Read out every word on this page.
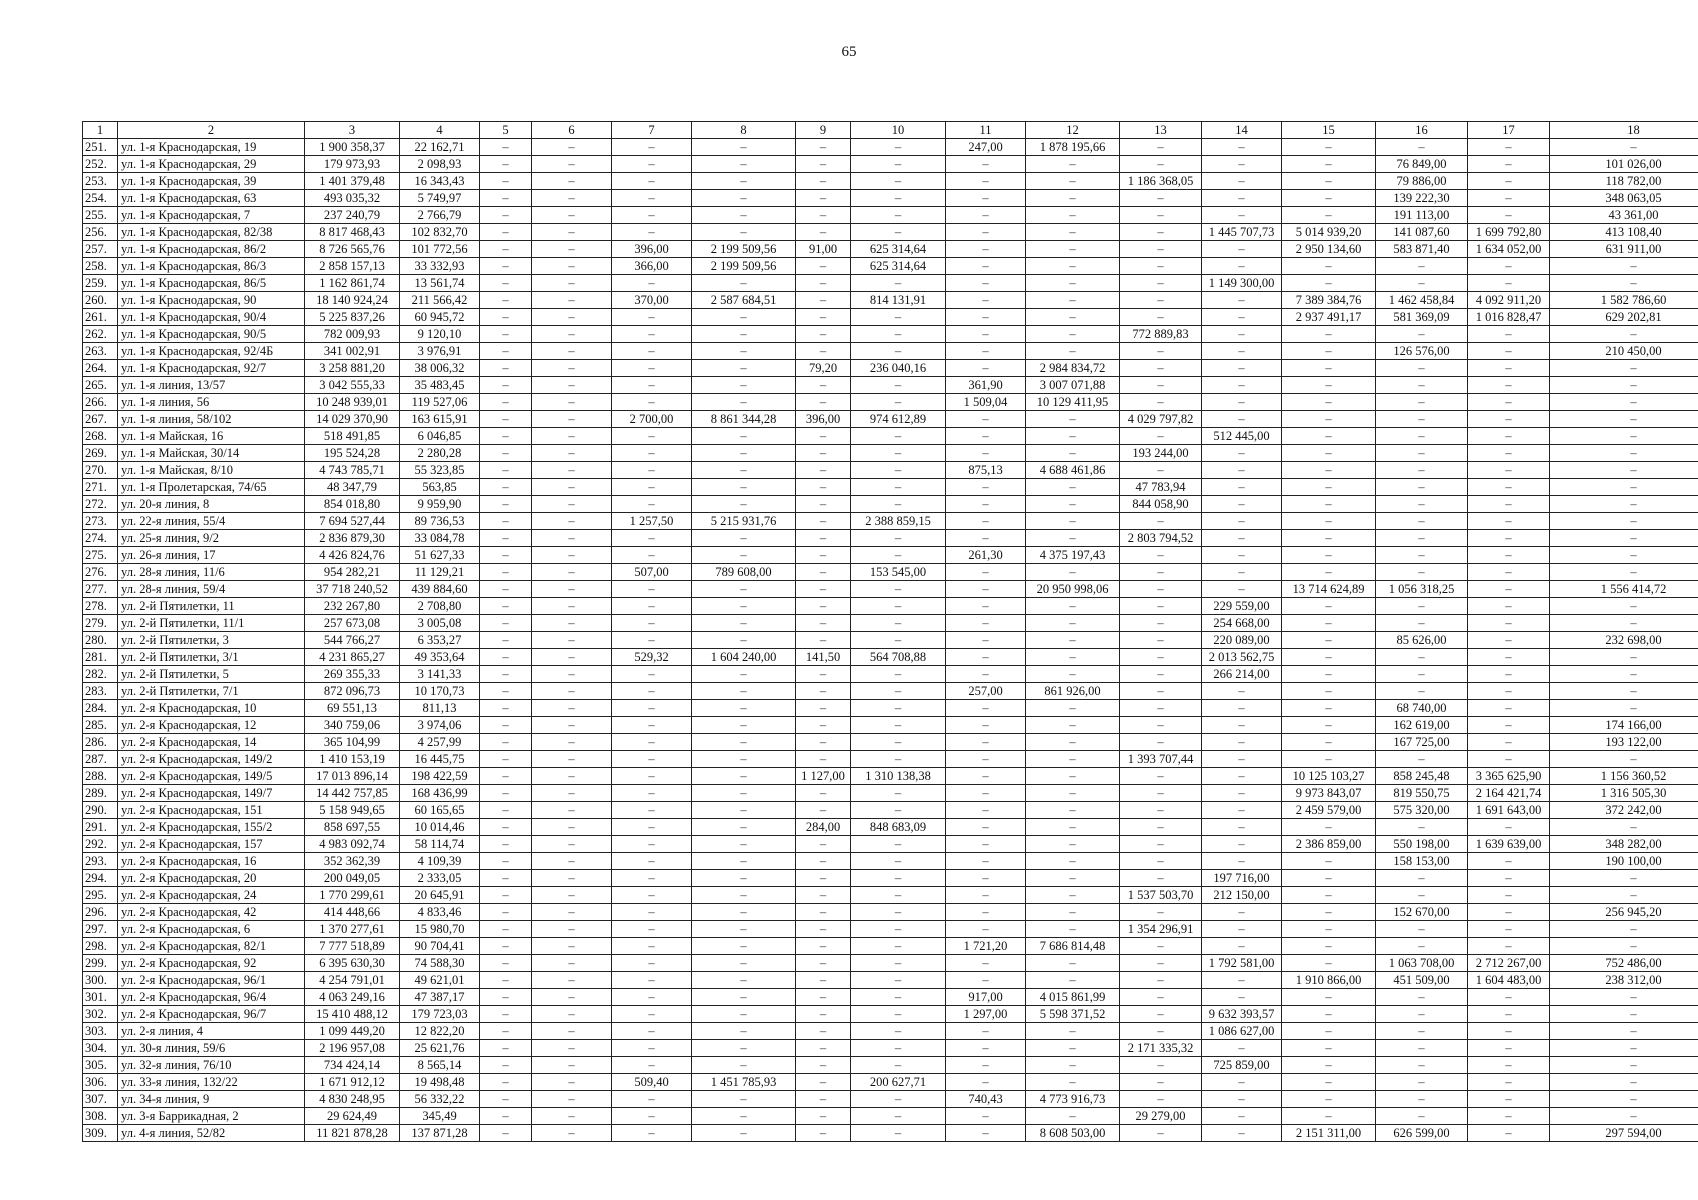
65
1	2	3	4	5	6	7	8	9	10	11	12	13	14	15	16	17	18
251.	ул. 1-я Краснодарская, 19	1 900 358,37	22 162,71	–	–	–	–	–	–	247,00	1 878 195,66	–	–	–	–	–	–
252.	ул. 1-я Краснодарская, 29	179 973,93	2 098,93	–	–	–	–	–	–	–	–	–	–	–	76 849,00	–	101 026,00
253.	ул. 1-я Краснодарская, 39	1 401 379,48	16 343,43	–	–	–	–	–	–	–	–	1 186 368,05	–	–	79 886,00	–	118 782,00
254.	ул. 1-я Краснодарская, 63	493 035,32	5 749,97	–	–	–	–	–	–	–	–	–	–	–	139 222,30	–	348 063,05
255.	ул. 1-я Краснодарская, 7	237 240,79	2 766,79	–	–	–	–	–	–	–	–	–	–	–	191 113,00	–	43 361,00
256.	ул. 1-я Краснодарская, 82/38	8 817 468,43	102 832,70	–	–	–	–	–	–	–	–	–	1 445 707,73	5 014 939,20	141 087,60	1 699 792,80	413 108,40
257.	ул. 1-я Краснодарская, 86/2	8 726 565,76	101 772,56	–	–	396,00	2 199 509,56	91,00	625 314,64	–	–	–	–	2 950 134,60	583 871,40	1 634 052,00	631 911,00
258.	ул. 1-я Краснодарская, 86/3	2 858 157,13	33 332,93	–	–	366,00	2 199 509,56	–	625 314,64	–	–	–	–	–	–	–	–
259.	ул. 1-я Краснодарская, 86/5	1 162 861,74	13 561,74	–	–	–	–	–	–	–	–	–	1 149 300,00	–	–	–	–
260.	ул. 1-я Краснодарская, 90	18 140 924,24	211 566,42	–	–	370,00	2 587 684,51	–	814 131,91	–	–	–	–	7 389 384,76	1 462 458,84	4 092 911,20	1 582 786,60
261.	ул. 1-я Краснодарская, 90/4	5 225 837,26	60 945,72	–	–	–	–	–	–	–	–	–	–	2 937 491,17	581 369,09	1 016 828,47	629 202,81
262.	ул. 1-я Краснодарская, 90/5	782 009,93	9 120,10	–	–	–	–	–	–	–	–	772 889,83	–	–	–	–	–
263.	ул. 1-я Краснодарская, 92/4Б	341 002,91	3 976,91	–	–	–	–	–	–	–	–	–	–	–	126 576,00	–	210 450,00
264.	ул. 1-я Краснодарская, 92/7	3 258 881,20	38 006,32	–	–	–	–	79,20	236 040,16	–	2 984 834,72	–	–	–	–	–	–
265.	ул. 1-я линия, 13/57	3 042 555,33	35 483,45	–	–	–	–	–	–	361,90	3 007 071,88	–	–	–	–	–	–
266.	ул. 1-я линия, 56	10 248 939,01	119 527,06	–	–	–	–	–	–	1 509,04	10 129 411,95	–	–	–	–	–	–
267.	ул. 1-я линия, 58/102	14 029 370,90	163 615,91	–	–	2 700,00	8 861 344,28	396,00	974 612,89	–	–	4 029 797,82	–	–	–	–	–
268.	ул. 1-я Майская, 16	518 491,85	6 046,85	–	–	–	–	–	–	–	–	–	512 445,00	–	–	–	–
269.	ул. 1-я Майская, 30/14	195 524,28	2 280,28	–	–	–	–	–	–	–	–	193 244,00	–	–	–	–	–
270.	ул. 1-я Майская, 8/10	4 743 785,71	55 323,85	–	–	–	–	–	–	875,13	4 688 461,86	–	–	–	–	–	–
271.	ул. 1-я Пролетарская, 74/65	48 347,79	563,85	–	–	–	–	–	–	–	–	47 783,94	–	–	–	–	–
272.	ул. 20-я линия, 8	854 018,80	9 959,90	–	–	–	–	–	–	–	–	844 058,90	–	–	–	–	–
273.	ул. 22-я линия, 55/4	7 694 527,44	89 736,53	–	–	1 257,50	5 215 931,76	–	2 388 859,15	–	–	–	–	–	–	–	–
274.	ул. 25-я линия, 9/2	2 836 879,30	33 084,78	–	–	–	–	–	–	–	–	2 803 794,52	–	–	–	–	–
275.	ул. 26-я линия, 17	4 426 824,76	51 627,33	–	–	–	–	–	–	261,30	4 375 197,43	–	–	–	–	–	–
276.	ул. 28-я линия, 11/6	954 282,21	11 129,21	–	–	507,00	789 608,00	–	153 545,00	–	–	–	–	–	–	–	–
277.	ул. 28-я линия, 59/4	37 718 240,52	439 884,60	–	–	–	–	–	–	–	20 950 998,06	–	–	13 714 624,89	1 056 318,25	–	1 556 414,72
278.	ул. 2-й Пятилетки, 11	232 267,80	2 708,80	–	–	–	–	–	–	–	–	–	229 559,00	–	–	–	–
279.	ул. 2-й Пятилетки, 11/1	257 673,08	3 005,08	–	–	–	–	–	–	–	–	–	254 668,00	–	–	–	–
280.	ул. 2-й Пятилетки, 3	544 766,27	6 353,27	–	–	–	–	–	–	–	–	–	220 089,00	–	85 626,00	–	232 698,00
281.	ул. 2-й Пятилетки, 3/1	4 231 865,27	49 353,64	–	–	529,32	1 604 240,00	141,50	564 708,88	–	–	–	2 013 562,75	–	–	–	–
282.	ул. 2-й Пятилетки, 5	269 355,33	3 141,33	–	–	–	–	–	–	–	–	–	266 214,00	–	–	–	–
283.	ул. 2-й Пятилетки, 7/1	872 096,73	10 170,73	–	–	–	–	–	–	257,00	861 926,00	–	–	–	–	–	–
284.	ул. 2-я Краснодарская, 10	69 551,13	811,13	–	–	–	–	–	–	–	–	–	–	–	68 740,00	–	–
285.	ул. 2-я Краснодарская, 12	340 759,06	3 974,06	–	–	–	–	–	–	–	–	–	–	–	162 619,00	–	174 166,00
286.	ул. 2-я Краснодарская, 14	365 104,99	4 257,99	–	–	–	–	–	–	–	–	–	–	–	167 725,00	–	193 122,00
287.	ул. 2-я Краснодарская, 149/2	1 410 153,19	16 445,75	–	–	–	–	–	–	–	–	1 393 707,44	–	–	–	–	–
288.	ул. 2-я Краснодарская, 149/5	17 013 896,14	198 422,59	–	–	–	–	1 127,00	1 310 138,38	–	–	–	–	10 125 103,27	858 245,48	3 365 625,90	1 156 360,52
289.	ул. 2-я Краснодарская, 149/7	14 442 757,85	168 436,99	–	–	–	–	–	–	–	–	–	–	9 973 843,07	819 550,75	2 164 421,74	1 316 505,30
290.	ул. 2-я Краснодарская, 151	5 158 949,65	60 165,65	–	–	–	–	–	–	–	–	–	–	2 459 579,00	575 320,00	1 691 643,00	372 242,00
291.	ул. 2-я Краснодарская, 155/2	858 697,55	10 014,46	–	–	–	–	284,00	848 683,09	–	–	–	–	–	–	–	–
292.	ул. 2-я Краснодарская, 157	4 983 092,74	58 114,74	–	–	–	–	–	–	–	–	–	–	2 386 859,00	550 198,00	1 639 639,00	348 282,00
293.	ул. 2-я Краснодарская, 16	352 362,39	4 109,39	–	–	–	–	–	–	–	–	–	–	–	158 153,00	–	190 100,00
294.	ул. 2-я Краснодарская, 20	200 049,05	2 333,05	–	–	–	–	–	–	–	–	–	197 716,00	–	–	–	–
295.	ул. 2-я Краснодарская, 24	1 770 299,61	20 645,91	–	–	–	–	–	–	–	–	1 537 503,70	212 150,00	–	–	–	–
296.	ул. 2-я Краснодарская, 42	414 448,66	4 833,46	–	–	–	–	–	–	–	–	–	–	–	152 670,00	–	256 945,20
297.	ул. 2-я Краснодарская, 6	1 370 277,61	15 980,70	–	–	–	–	–	–	–	–	1 354 296,91	–	–	–	–	–
298.	ул. 2-я Краснодарская, 82/1	7 777 518,89	90 704,41	–	–	–	–	–	–	1 721,20	7 686 814,48	–	–	–	–	–	–
299.	ул. 2-я Краснодарская, 92	6 395 630,30	74 588,30	–	–	–	–	–	–	–	–	–	1 792 581,00	–	1 063 708,00	2 712 267,00	752 486,00
300.	ул. 2-я Краснодарская, 96/1	4 254 791,01	49 621,01	–	–	–	–	–	–	–	–	–	–	1 910 866,00	451 509,00	1 604 483,00	238 312,00
301.	ул. 2-я Краснодарская, 96/4	4 063 249,16	47 387,17	–	–	–	–	–	–	917,00	4 015 861,99	–	–	–	–	–	–
302.	ул. 2-я Краснодарская, 96/7	15 410 488,12	179 723,03	–	–	–	–	–	–	1 297,00	5 598 371,52	–	9 632 393,57	–	–	–	–
303.	ул. 2-я линия, 4	1 099 449,20	12 822,20	–	–	–	–	–	–	–	–	–	1 086 627,00	–	–	–	–
304.	ул. 30-я линия, 59/6	2 196 957,08	25 621,76	–	–	–	–	–	–	–	–	2 171 335,32	–	–	–	–	–
305.	ул. 32-я линия, 76/10	734 424,14	8 565,14	–	–	–	–	–	–	–	–	–	725 859,00	–	–	–	–
306.	ул. 33-я линия, 132/22	1 671 912,12	19 498,48	–	–	509,40	1 451 785,93	–	200 627,71	–	–	–	–	–	–	–	–
307.	ул. 34-я линия, 9	4 830 248,95	56 332,22	–	–	–	–	–	–	740,43	4 773 916,73	–	–	–	–	–	–
308.	ул. 3-я Баррикадная, 2	29 624,49	345,49	–	–	–	–	–	–	–	–	29 279,00	–	–	–	–	–
309.	ул. 4-я линия, 52/82	11 821 878,28	137 871,28	–	–	–	–	–	–	–	8 608 503,00	–	–	2 151 311,00	626 599,00	–	297 594,00
